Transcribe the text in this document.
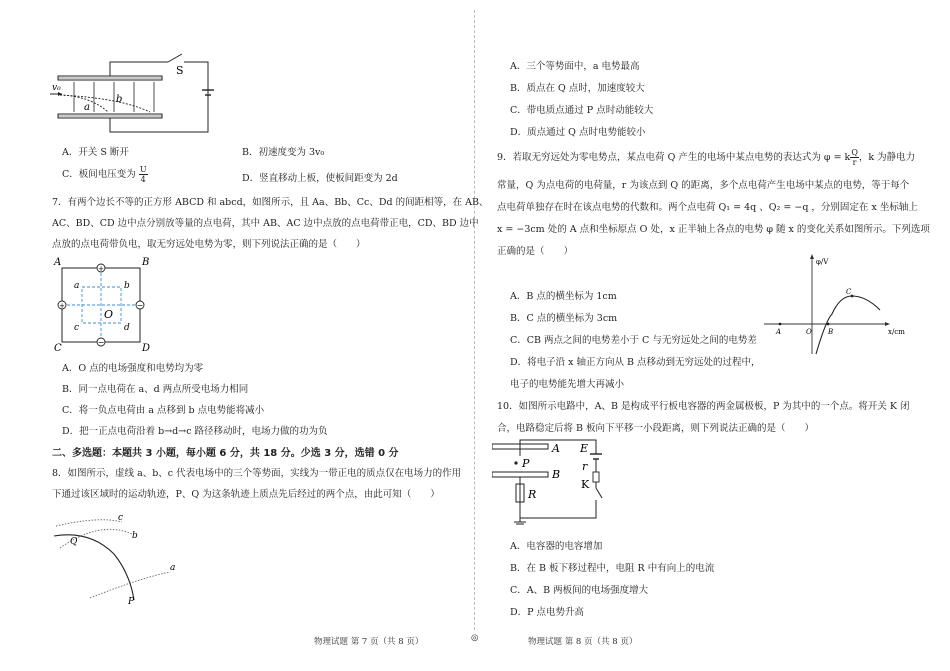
S
v₀
a
b
A．开关 S 断开	B．初速度变为 3v₀
C．板间电压变为 $\frac{U}{4}$	D．竖直移动上板，使板间距变为 2d
7．有两个边长不等的正方形 ABCD 和 abcd，如图所示，且 Aa、Bb、Cc、Dd 的间距相等，在 AB、
AC、BD、CD 边中点分别放等量的点电荷，其中 AB、AC 边中点放的点电荷带正电，CD、BD 边中
点放的点电荷带负电，取无穷远处电势为零，则下列说法正确的是（　　）
+
+	−
−
A	B
C	D
a	b
c	d
O
A．O 点的电场强度和电势均为零
B．同一点电荷在 a、d 两点所受电场力相同
C．将一负点电荷由 a 点移到 b 点电势能将减小
D．把一正点电荷沿着 b→d→c 路径移动时，电场力做的功为负
二、多选题：本题共 3 小题，每小题 6 分，共 18 分。少选 3 分，选错 0 分
8．如图所示，虚线 a、b、c 代表电场中的三个等势面，实线为一带正电的质点仅在电场力的作用
下通过该区域时的运动轨迹，P、Q 为这条轨迹上质点先后经过的两个点，由此可知（　　）
c
b
a
Q
P
A．三个等势面中，a 电势最高
B．质点在 Q 点时，加速度较大
C．带电质点通过 P 点时动能较大
D．质点通过 Q 点时电势能较小
9．若取无穷远处为零电势点，某点电荷 Q 产生的电场中某点电势的表达式为 φ = k $\frac{Q}{r}$ ，k 为静电力
常量，Q 为点电荷的电荷量，r 为该点到 Q 的距离，多个点电荷产生电场中某点的电势，等于每个
点电荷单独存在时在该点电势的代数和。两个点电荷 Q₁ = 4q 、Q₂ = −q ，分别固定在 x 坐标轴上
x = −3cm 处的 A 点和坐标原点 O 处，x 正半轴上各点的电势 φ 随 x 的变化关系如图所示。下列选项
正确的是（　　）
φ/V
x/cm
A	O B
C
A．B 点的横坐标为 1cm
B．C 点的横坐标为 3cm
C．CB 两点之间的电势差小于 C 与无穷远处之间的电势差
D．将电子沿 x 轴正方向从 B 点移动到无穷远处的过程中，
电子的电势能先增大再减小
10．如图所示电路中，A、B 是构成平行板电容器的两金属极板，P 为其中的一个点。将开关 K 闭
合，电路稳定后将 B 板向下平移一小段距离，则下列说法正确的是（　　）
A
B
P
R
E
r
K
A．电容器的电容增加
B．在 B 板下移过程中，电阻 R 中有向上的电流
C．A、B 两板间的电场强度增大
D．P 点电势升高
物理试题 第 7 页（共 8 页）	◎	物理试题 第 8 页（共 8 页）
